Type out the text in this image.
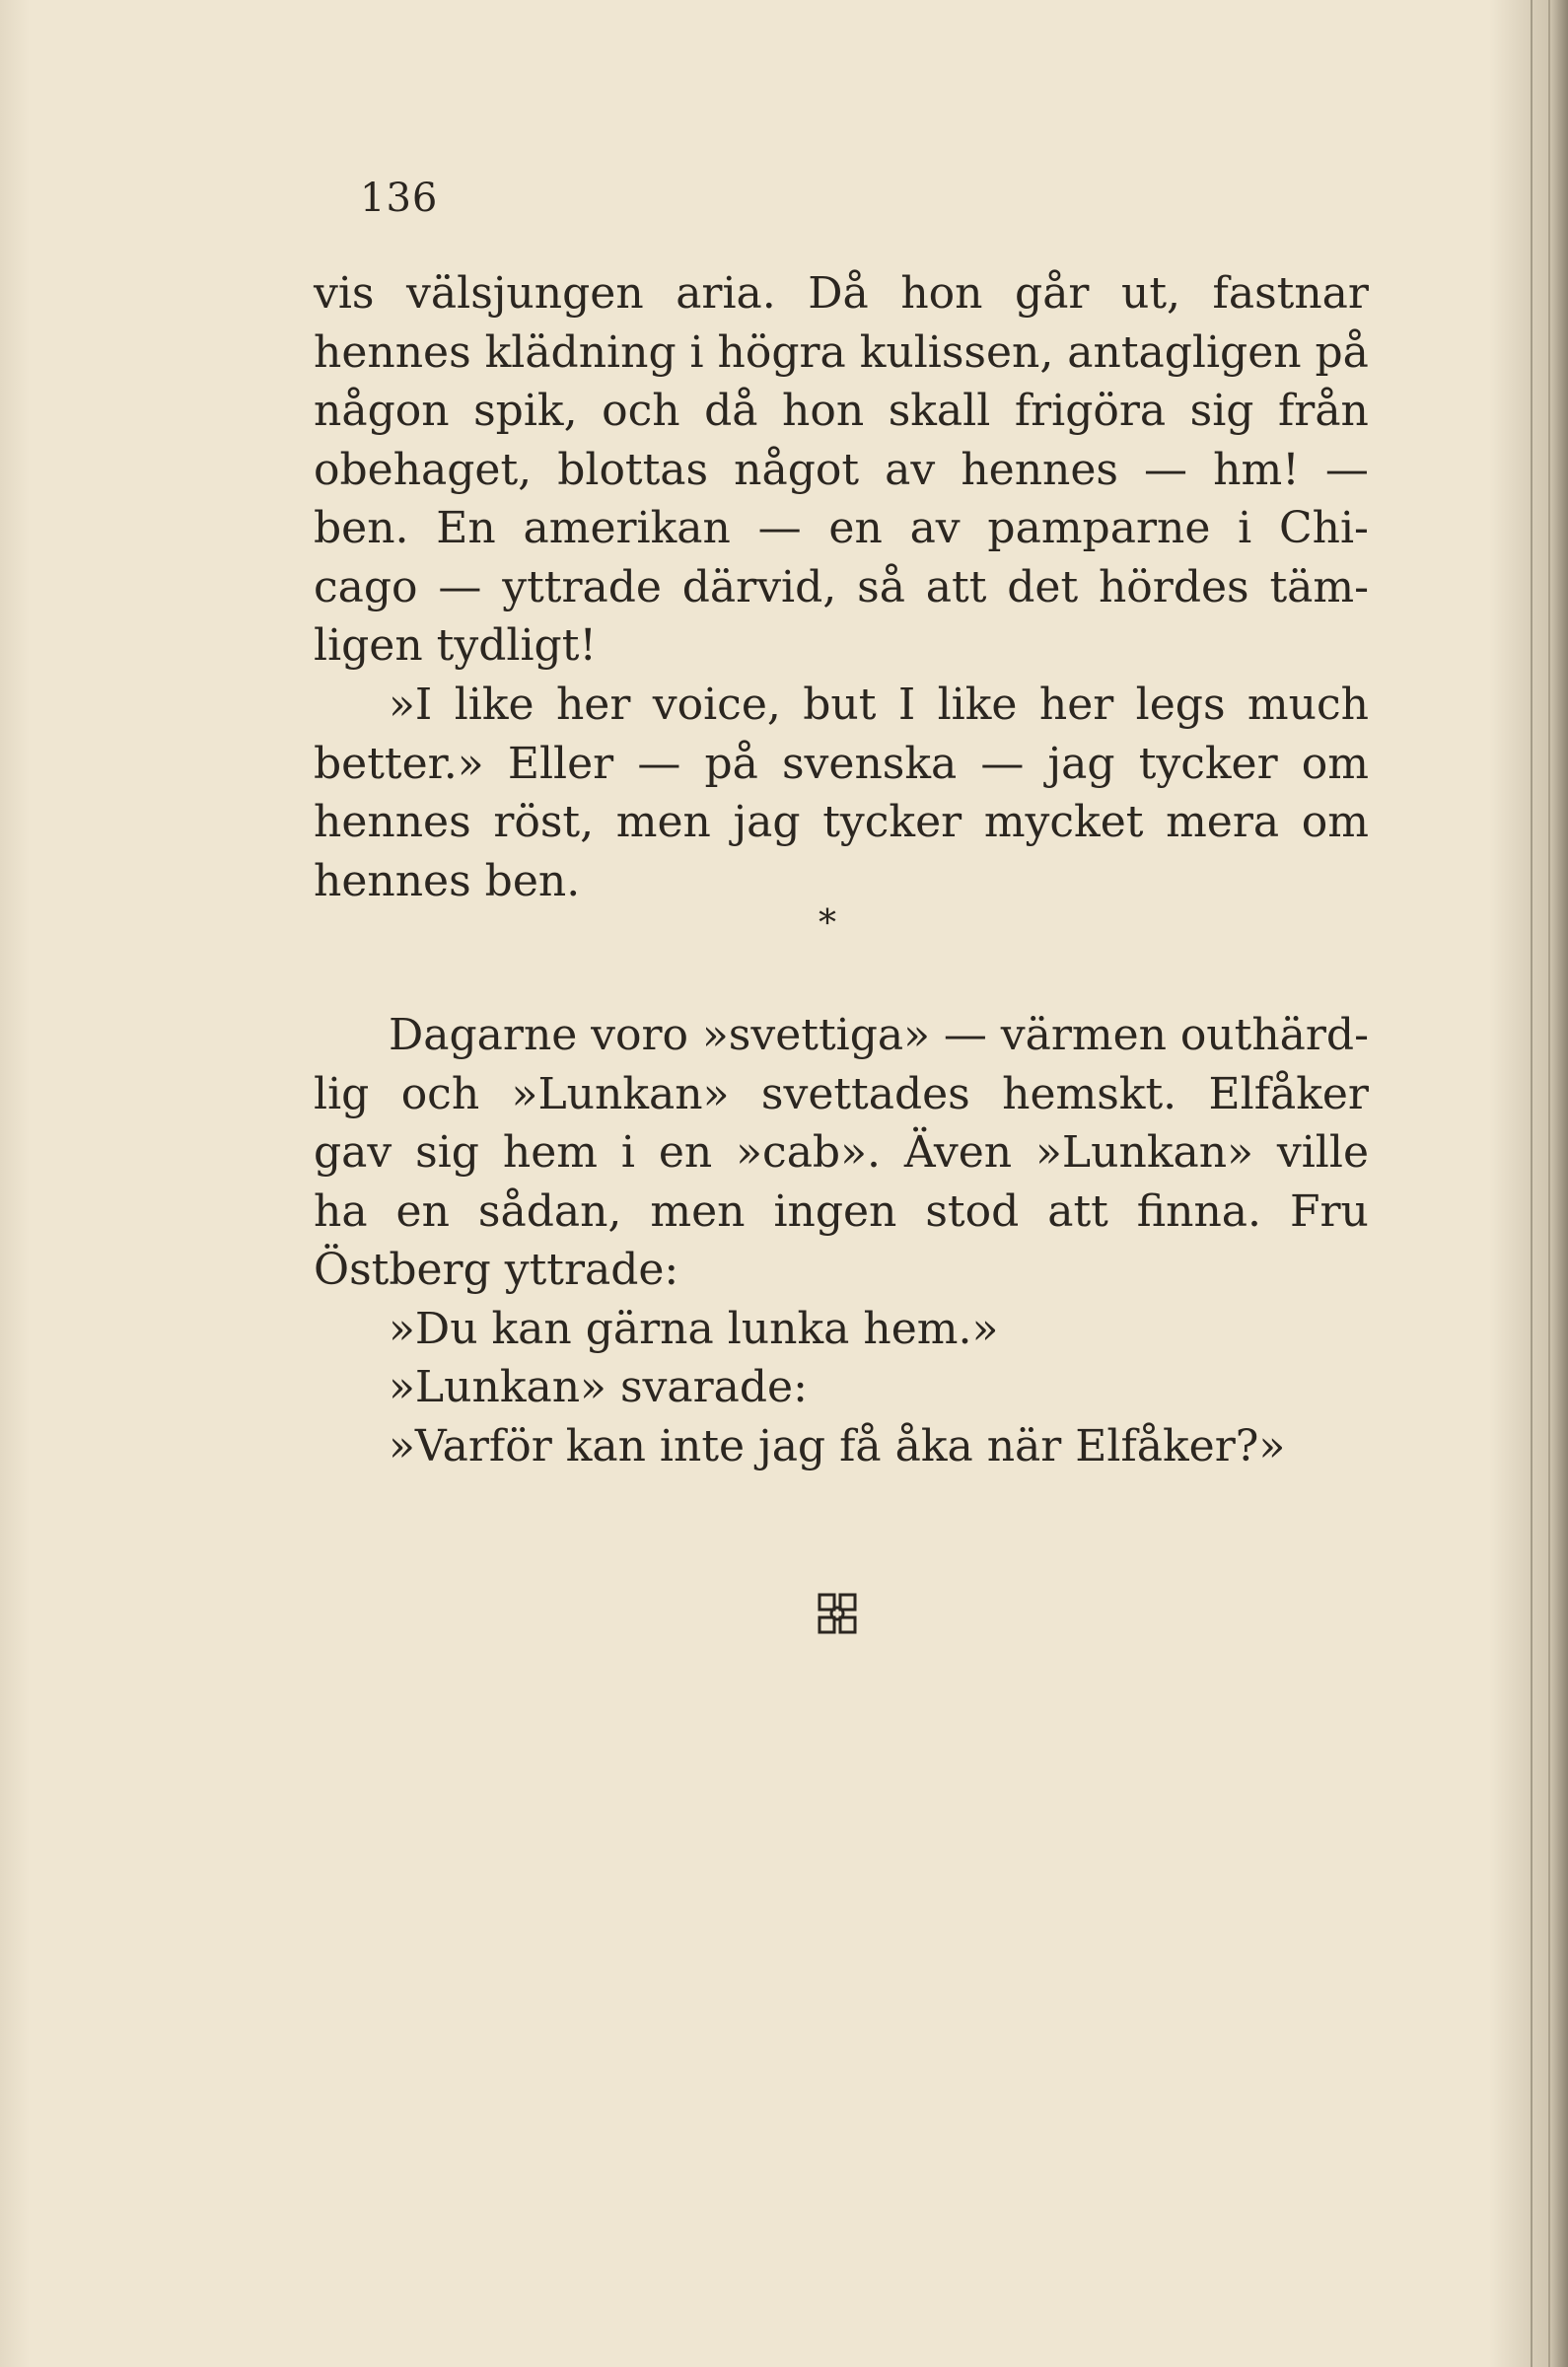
136
vis välsjungen aria. Då hon går ut, fastnar
hennes klädning i högra kulissen, antagligen på
någon spik, och då hon skall frigöra sig från
obehaget, blottas något av hennes — hm! —
ben. En amerikan — en av pamparne i Chi-
cago — yttrade därvid, så att det hördes täm-
ligen tydligt!
»I like her voice, but I like her legs much
better.» Eller — på svenska — jag tycker om
hennes röst, men jag tycker mycket mera om
hennes ben.
*
Dagarne voro »svettiga» — värmen outhärd-
lig och »Lunkan» svettades hemskt. Elfåker
gav sig hem i en »cab». Även »Lunkan» ville
ha en sådan, men ingen stod att finna. Fru
Östberg yttrade:
»Du kan gärna lunka hem.»
»Lunkan» svarade:
»Varför kan inte jag få åka när Elfåker?»
